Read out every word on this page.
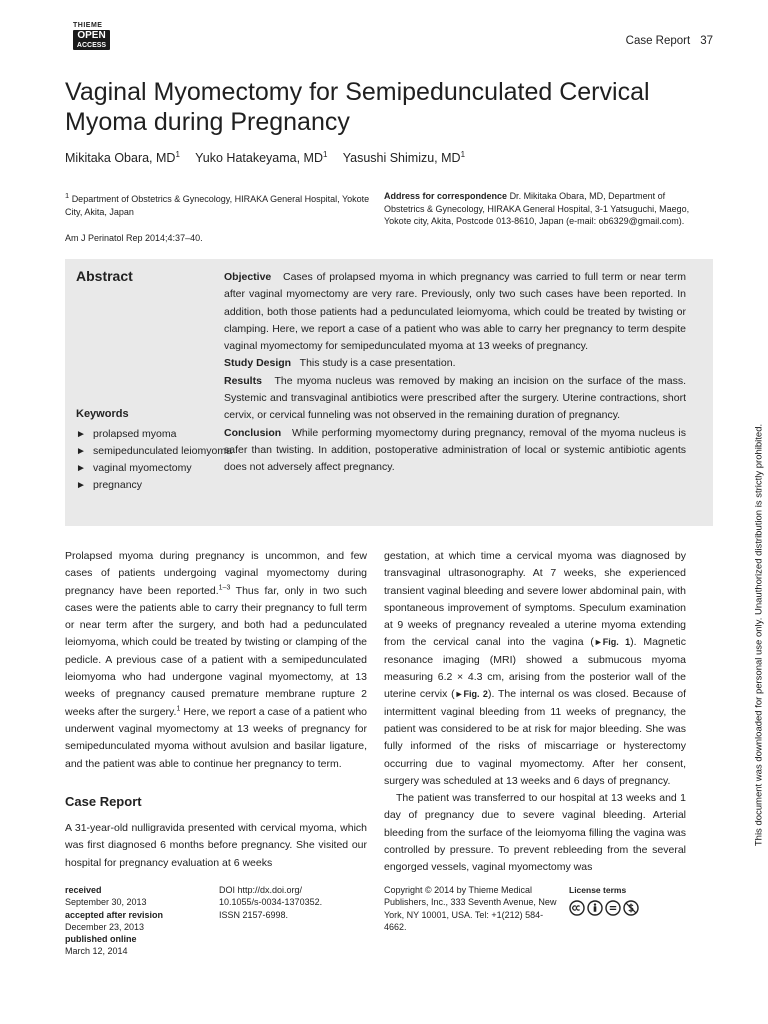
THIEME
OPEN
ACCESS	Case Report 37
Vaginal Myomectomy for Semipedunculated Cervical Myoma during Pregnancy
Mikitaka Obara, $MD^1$ Yuko Hatakeyama, $MD^1$ Yasushi Shimizu, $MD^1$
$^1$ Department of Obstetrics & Gynecology, HIRAKA General Hospital, Yokote City, Akita, Japan
Am J Perinatol Rep 2014;4:37–40.
Address for correspondence Dr. Mikitaka Obara, MD, Department of Obstetrics & Gynecology, HIRAKA General Hospital, 3-1 Yatsuguchi, Maego, Yokote city, Akita, Postcode 013-8610, Japan (e-mail: ob6329@gmail.com).
Abstract
Keywords
► prolapsed myoma
► semipedunculated leiomyoma
► vaginal myomectomy
► pregnancy

Objective Cases of prolapsed myoma in which pregnancy was carried to full term or near term after vaginal myomectomy are very rare. Previously, only two such cases have been reported. In addition, both those patients had a pedunculated leiomyoma, which could be treated by twisting or clamping. Here, we report a case of a patient who was able to carry her pregnancy to term despite vaginal myomectomy for semipedunculated myoma at 13 weeks of pregnancy.

Study Design This study is a case presentation.

Results The myoma nucleus was removed by making an incision on the surface of the mass. Systemic and transvaginal antibiotics were prescribed after the surgery. Uterine contractions, short cervix, or cervical funneling was not observed in the remaining duration of pregnancy.

Conclusion While performing myomectomy during pregnancy, removal of the myoma nucleus is safer than twisting. In addition, postoperative administration of local or systemic antibiotic agents does not adversely affect pregnancy.

Prolapsed myoma during pregnancy is uncommon, and few cases of patients undergoing vaginal myomectomy during pregnancy have been reported.$^{1-3}$ Thus far, only in two such cases were the patients able to carry their pregnancy to full term or near term after the surgery, and both had a pedunculated leiomyoma, which could be treated by twisting or clamping of the pedicle. A previous case of a patient with a semipedunculated leiomyoma who had undergone vaginal myomectomy, at 13 weeks of pregnancy caused premature membrane rupture 2 weeks after the surgery.$^1$ Here, we report a case of a patient who underwent vaginal myomectomy at 13 weeks of pregnancy for semipedunculated myoma without avulsion and basilar ligature, and the patient was able to continue her pregnancy to term.

Case Report

A 31-year-old nulligravida presented with cervical myoma, which was first diagnosed 6 months before pregnancy. She visited our hospital for pregnancy evaluation at 6 weeks

gestation, at which time a cervical myoma was diagnosed by transvaginal ultrasonography. At 7 weeks, she experienced transient vaginal bleeding and severe lower abdominal pain, with spontaneous improvement of symptoms. Speculum examination at 9 weeks of pregnancy revealed a uterine myoma extending from the cervical canal into the vagina (►Fig. 1). Magnetic resonance imaging (MRI) showed a submucous myoma measuring 6.2 × 4.3 cm, arising from the posterior wall of the uterine cervix (►Fig. 2). The internal os was closed. Because of intermittent vaginal bleeding from 11 weeks of pregnancy, the patient was considered to be at risk for major bleeding. She was fully informed of the risks of miscarriage or hysterectomy occurring due to vaginal myomectomy. After her consent, surgery was scheduled at 13 weeks and 6 days of pregnancy.

The patient was transferred to our hospital at 13 weeks and 1 day of pregnancy due to severe vaginal bleeding. Arterial bleeding from the surface of the leiomyoma filling the vagina was controlled by pressure. To prevent rebleeding from the several engorged vessels, vaginal myomectomy was

received
September 30, 2013
accepted after revision
December 23, 2013
published online
March 12, 2014
DOI http://dx.doi.org/
10.1055/s-0034-1370352.
ISSN 2157-6998.
Copyright © 2014 by Thieme Medical Publishers, Inc., 333 Seventh Avenue, New York, NY 10001, USA. Tel: +1(212) 584-4662.
License terms
This document was downloaded for personal use only. Unauthorized distribution is strictly prohibited.
